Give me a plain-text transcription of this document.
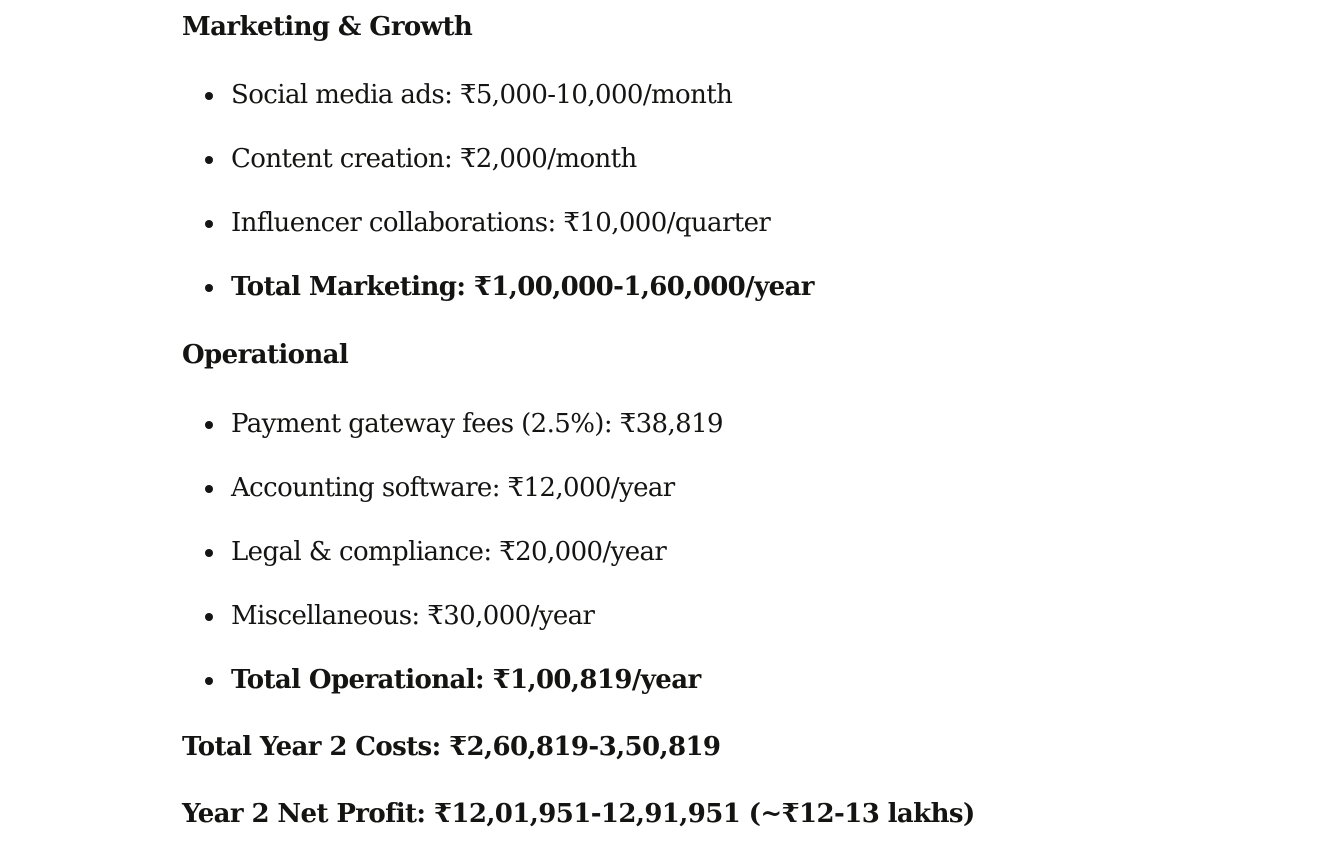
Marketing & Growth
Social media ads: ₹5,000-10,000/month
Content creation: ₹2,000/month
Influencer collaborations: ₹10,000/quarter
Total Marketing: ₹1,00,000-1,60,000/year
Operational
Payment gateway fees (2.5%): ₹38,819
Accounting software: ₹12,000/year
Legal & compliance: ₹20,000/year
Miscellaneous: ₹30,000/year
Total Operational: ₹1,00,819/year
Total Year 2 Costs: ₹2,60,819-3,50,819
Year 2 Net Profit: ₹12,01,951-12,91,951 (~₹12-13 lakhs)
